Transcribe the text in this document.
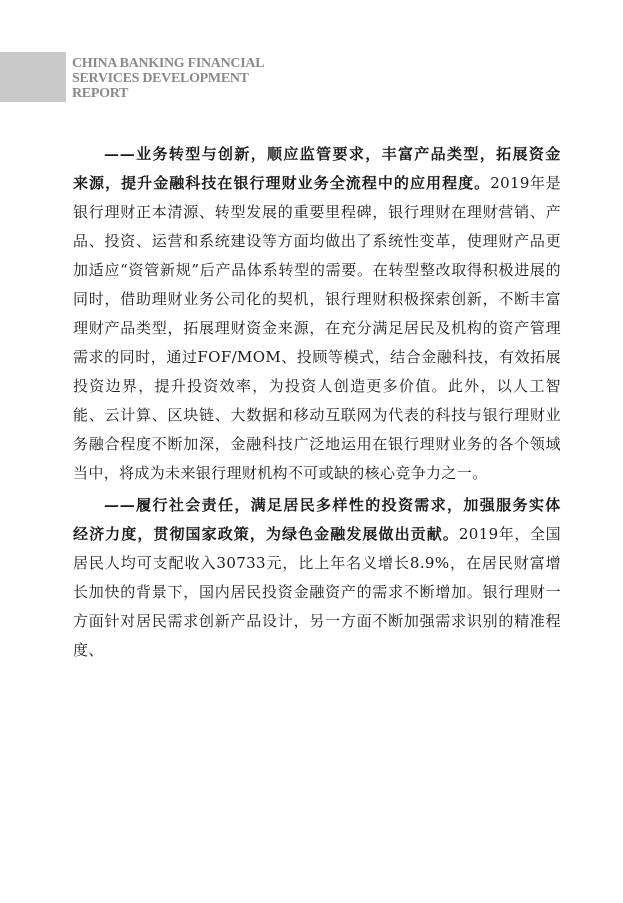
CHINA BANKING FINANCIAL
SERVICES DEVELOPMENT
REPORT

——业务转型与创新，顺应监管要求，丰富产品类型，拓展资金来源，提升金融科技在银行理财业务全流程中的应用程度。2019年是银行理财正本清源、转型发展的重要里程碑，银行理财在理财营销、产品、投资、运营和系统建设等方面均做出了系统性变革，使理财产品更加适应“资管新规”后产品体系转型的需要。在转型整改取得积极进展的同时，借助理财业务公司化的契机，银行理财积极探索创新，不断丰富理财产品类型，拓展理财资金来源，在充分满足居民及机构的资产管理需求的同时，通过FOF/MOM、投顾等模式，结合金融科技，有效拓展投资边界，提升投资效率，为投资人创造更多价值。此外，以人工智能、云计算、区块链、大数据和移动互联网为代表的科技与银行理财业务融合程度不断加深，金融科技广泛地运用在银行理财业务的各个领域当中，将成为未来银行理财机构不可或缺的核心竞争力之一。

——履行社会责任，满足居民多样性的投资需求，加强服务实体经济力度，贯彻国家政策，为绿色金融发展做出贡献。2019年，全国居民人均可支配收入30733元，比上年名义增长8.9%，在居民财富增长加快的背景下，国内居民投资金融资产的需求不断增加。银行理财一方面针对居民需求创新产品设计，另一方面不断加强需求识别的精准程度、
